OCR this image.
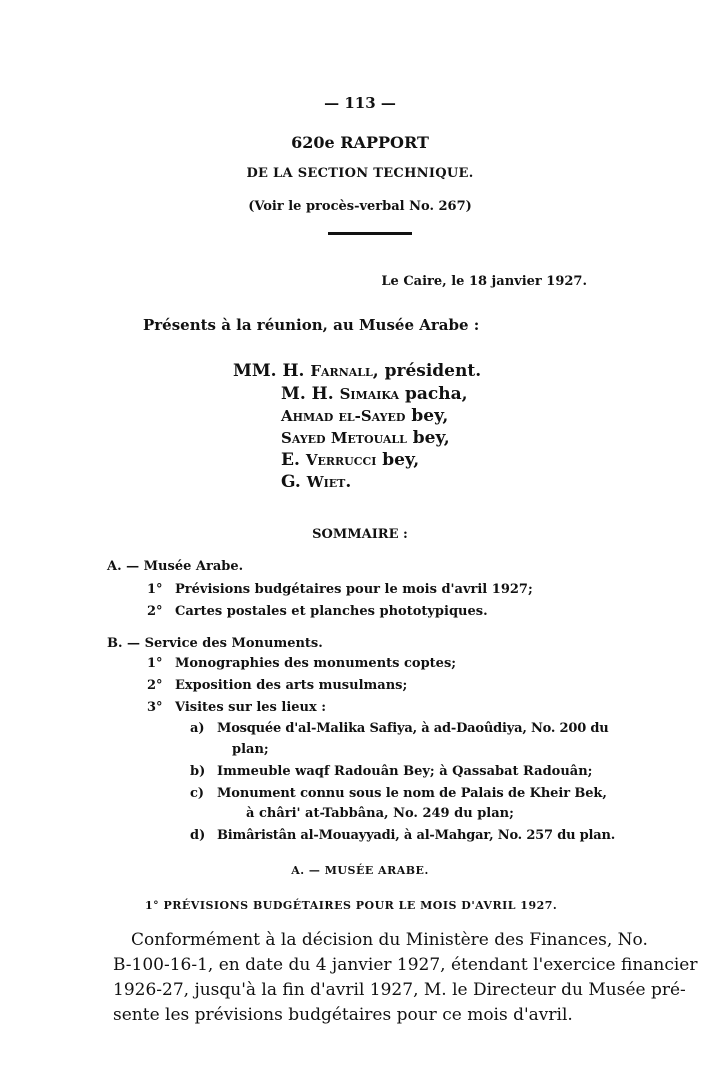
— 113 —
620e RAPPORT
DE LA SECTION TECHNIQUE.
(Voir le procès-verbal No. 267)
Le Caire, le 18 janvier 1927.
Présents à la réunion, au Musée Arabe :
MM. H. Farnall, président.
M. H. Simaika pacha,
Ahmad el-Sayed bey,
Sayed Metouall bey,
E. Verrucci bey,
G. Wiet.
SOMMAIRE :
A. — Musée Arabe.
1° Prévisions budgétaires pour le mois d'avril 1927;
2° Cartes postales et planches phototypiques.
B. — Service des Monuments.
1° Monographies des monuments coptes;
2° Exposition des arts musulmans;
3° Visites sur les lieux :
a) Mosquée d'al-Malika Safiya, à ad-Daoûdiya, No. 200 du
plan;
b) Immeuble waqf Radouân Bey; à Qassabat Radouân;
c) Monument connu sous le nom de Palais de Kheir Bek,
à châri' at-Tabbâna, No. 249 du plan;
d) Bimâristân al-Mouayyadi, à al-Mahgar, No. 257 du plan.
A. — MUSÉE ARABE.
1° PRÉVISIONS BUDGÉTAIRES POUR LE MOIS D'AVRIL 1927.
Conformément à la décision du Ministère des Finances, No.
B-100-16-1, en date du 4 janvier 1927, étendant l'exercice financier
1926-27, jusqu'à la fin d'avril 1927, M. le Directeur du Musée pré-
sente les prévisions budgétaires pour ce mois d'avril.
